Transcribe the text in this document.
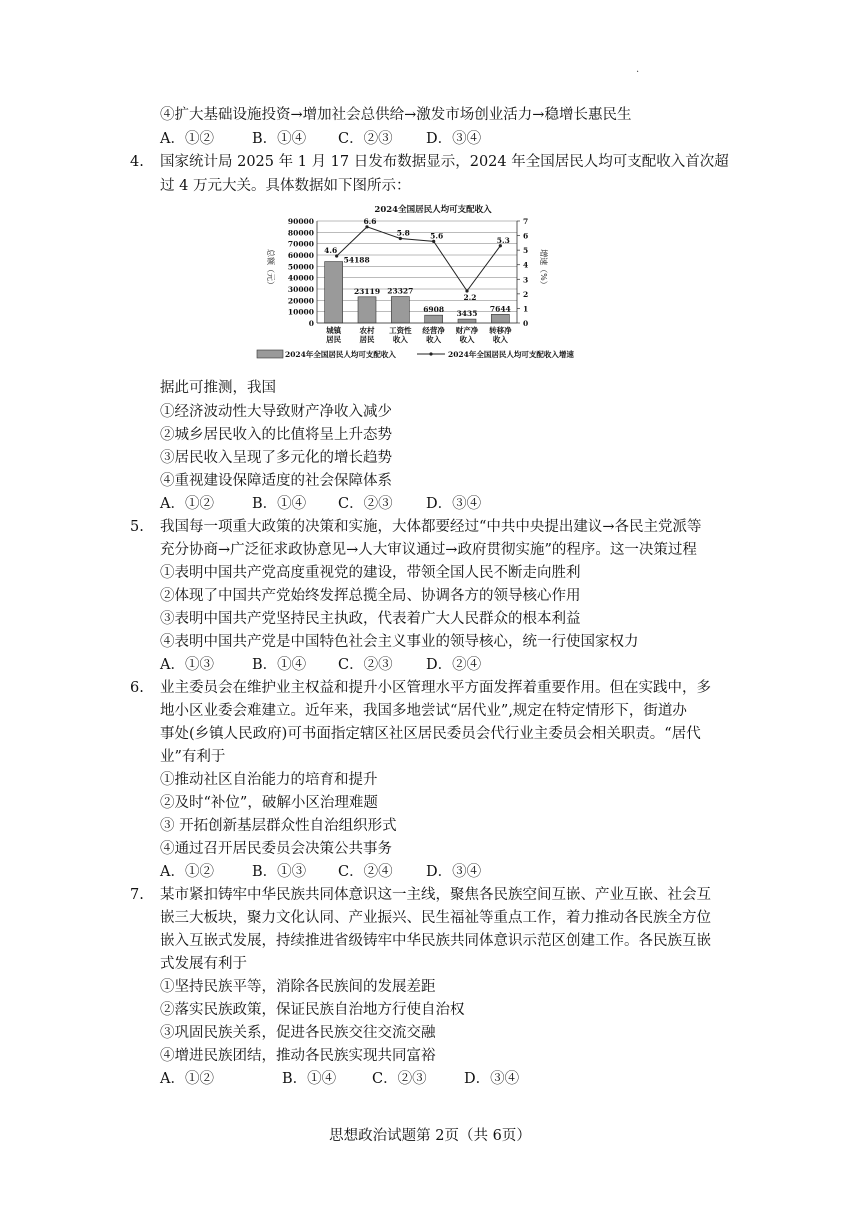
.
④扩大基础设施投资→增加社会总供给→激发市场创业活力→稳增长惠民生
A．①②	B．①④ C．②③ D．③④
4. 国家统计局 2025 年 1 月 17 日发布数据显示，2024 年全国居民人均可支配收入首次超
过 4 万元大关。具体数据如下图所示：
2024全国居民人均可支配收入
0
10000
20000
30000
40000
50000
60000
70000
80000
90000
0
1
2
3
4
5
6
7
54188
城镇
居民
23119
农村
居民
23327
工资性
收入
6908
经营净
收入
3435
财产净
收入
7644
转移净
收入
4.6
6.6
5.8	5.6
2.2
5.3
总额（元）	增速（%）
2024年全国居民人均可支配收入	2024年全国居民人均可支配收入增速
据此可推测，我国
①经济波动性大导致财产净收入减少
②城乡居民收入的比值将呈上升态势
③居民收入呈现了多元化的增长趋势
④重视建设保障适度的社会保障体系
A．①②	B．①④ C．②③ D．③④
5. 我国每一项重大政策的决策和实施，大体都要经过“中共中央提出建议→各民主党派等
充分协商→广泛征求政协意见→人大审议通过→政府贯彻实施”的程序。这一决策过程
①表明中国共产党高度重视党的建设，带领全国人民不断走向胜利
②体现了中国共产党始终发挥总揽全局、协调各方的领导核心作用
③表明中国共产党坚持民主执政，代表着广大人民群众的根本利益
④表明中国共产党是中国特色社会主义事业的领导核心，统一行使国家权力
A．①③	B．①④ C．②③ D．②④
6. 业主委员会在维护业主权益和提升小区管理水平方面发挥着重要作用。但在实践中，多
地小区业委会难建立。近年来，我国多地尝试“居代业”,规定在特定情形下，街道办
事处(乡镇人民政府)可书面指定辖区社区居民委员会代行业主委员会相关职责。“居代
业”有利于
①推动社区自治能力的培育和提升
②及时“补位”，破解小区治理难题
③ 开拓创新基层群众性自治组织形式
④通过召开居民委员会决策公共事务
A．①②	B．①③ C．②④ D．③④
7. 某市紧扣铸牢中华民族共同体意识这一主线，聚焦各民族空间互嵌、产业互嵌、社会互
嵌三大板块，聚力文化认同、产业振兴、民生福祉等重点工作，着力推动各民族全方位
嵌入互嵌式发展，持续推进省级铸牢中华民族共同体意识示范区创建工作。各民族互嵌
式发展有利于
①坚持民族平等，消除各民族间的发展差距
②落实民族政策，保证民族自治地方行使自治权
③巩固民族关系，促进各民族交往交流交融
④增进民族团结，推动各民族实现共同富裕
A．①②	B．①④ C．②③	D．③④
思想政治试题第 2页（共 6页）
